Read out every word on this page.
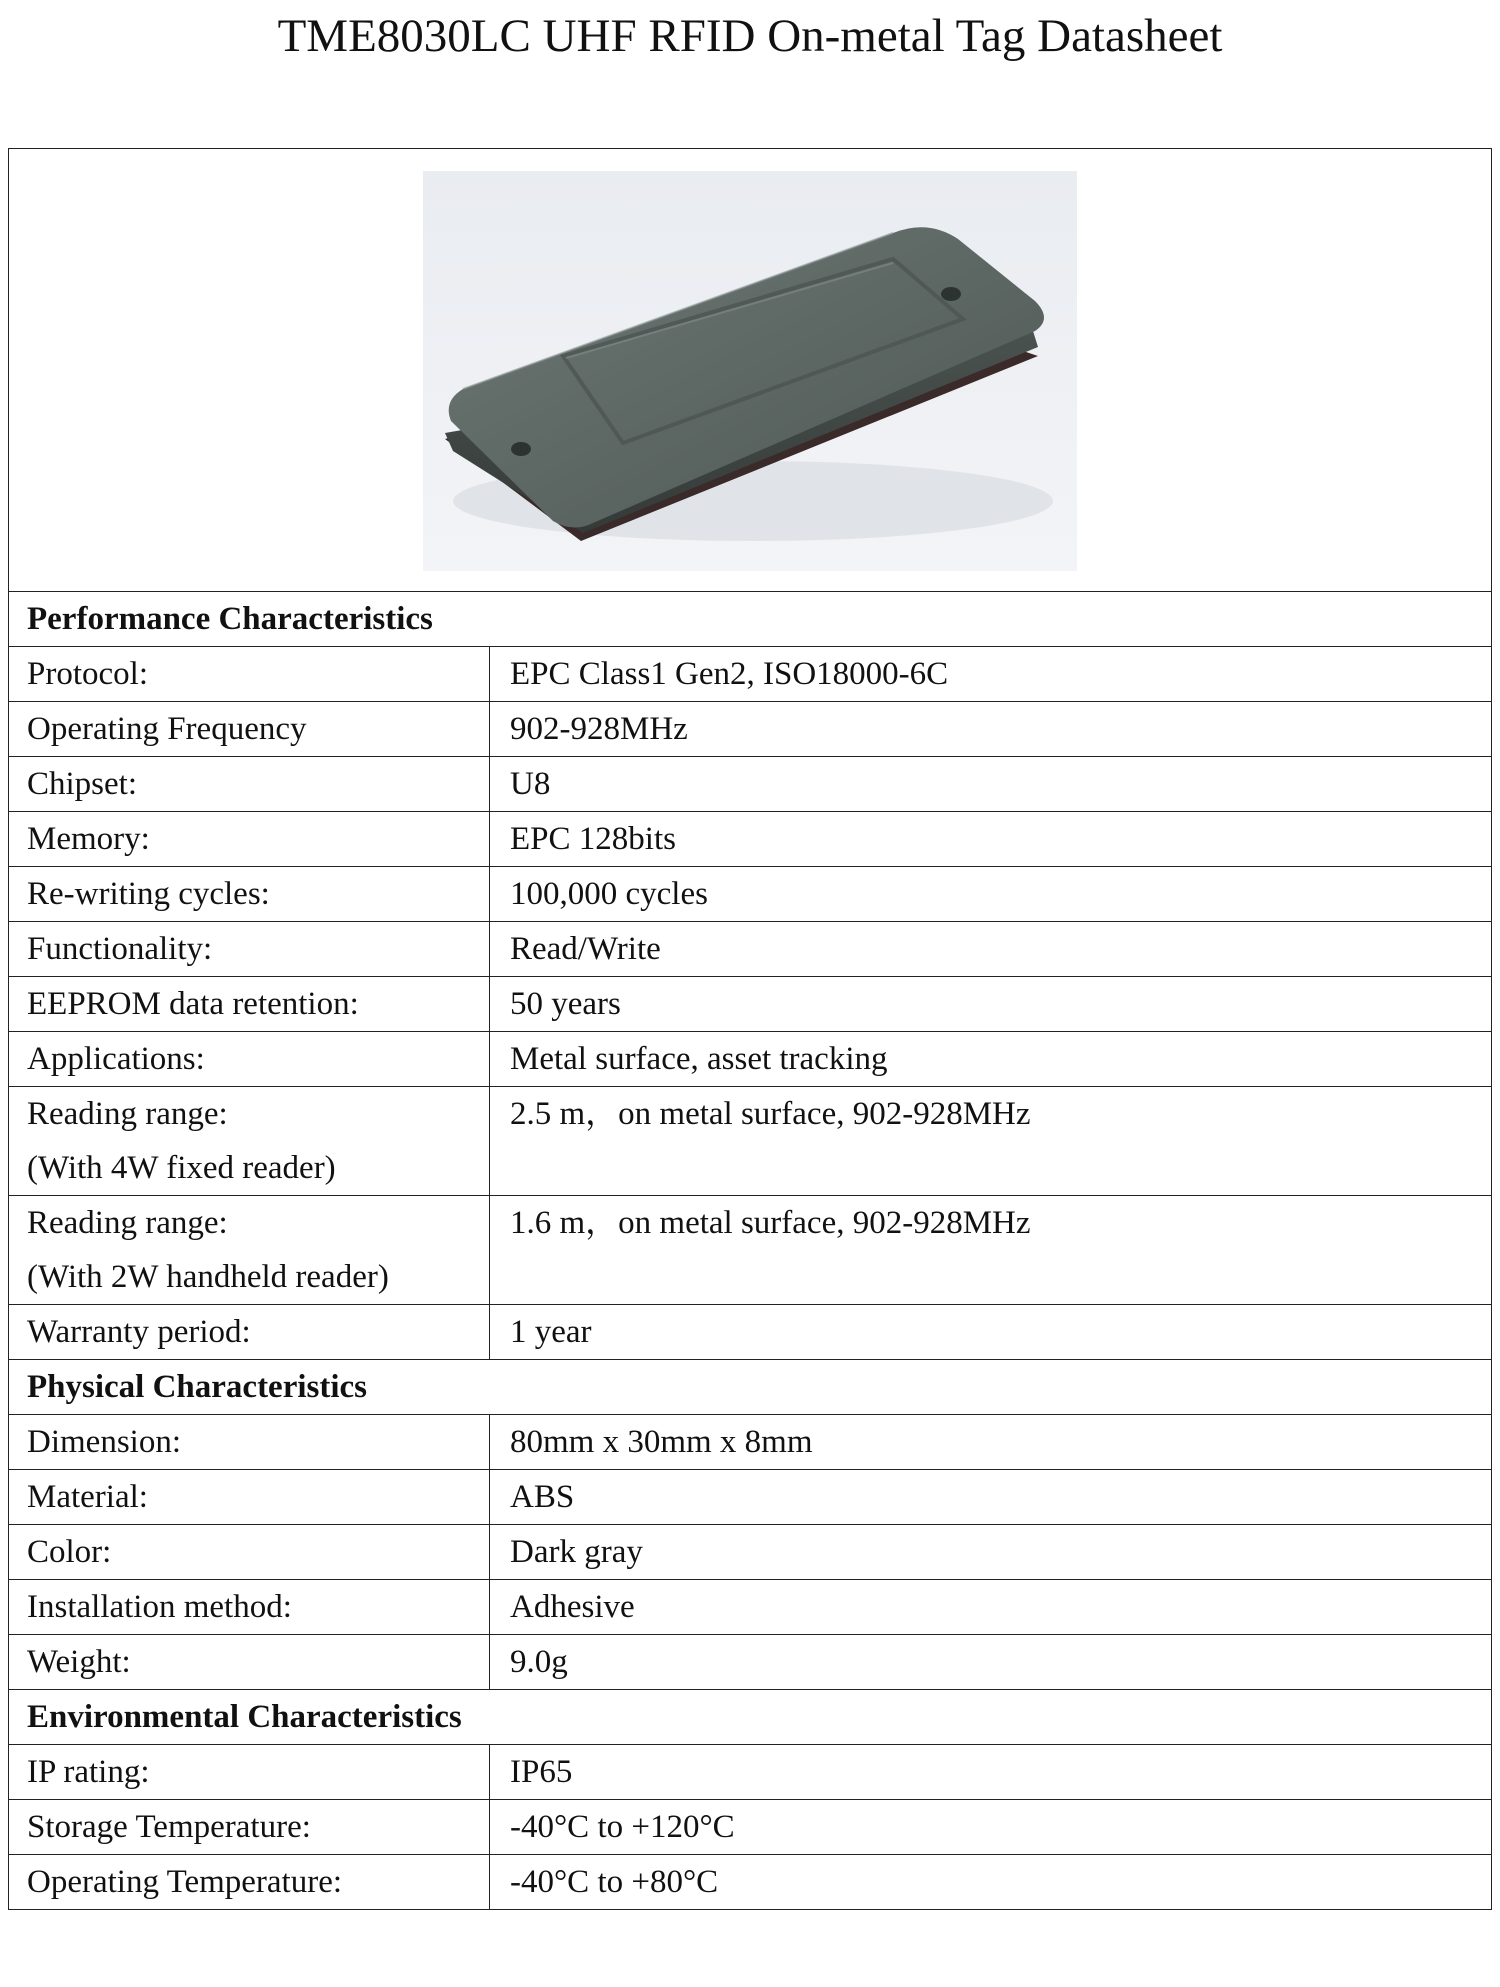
TME8030LC UHF RFID On-metal Tag Datasheet

Performance Characteristics	
Protocol:	EPC Class1 Gen2, ISO18000-6C
Operating Frequency	902-928MHz
Chipset:	U8
Memory:	EPC 128bits
Re-writing cycles:	100,000 cycles
Functionality:	Read/Write
EEPROM data retention:	50 years
Applications:	Metal surface, asset tracking

Reading range:
(With 4W fixed reader)	2.5 m，on metal surface, 902-928MHz

Reading range:
(With 2W handheld reader)	1.6 m，on metal surface, 902-928MHz
Warranty period:	1 year
Physical Characteristics	
Dimension:	80mm x 30mm x 8mm
Material:	ABS
Color:	Dark gray
Installation method:	Adhesive
Weight:	9.0g
Environmental Characteristics	
IP rating:	IP65
Storage Temperature:	-40°C to +120°C
Operating Temperature:	-40°C to +80°C
